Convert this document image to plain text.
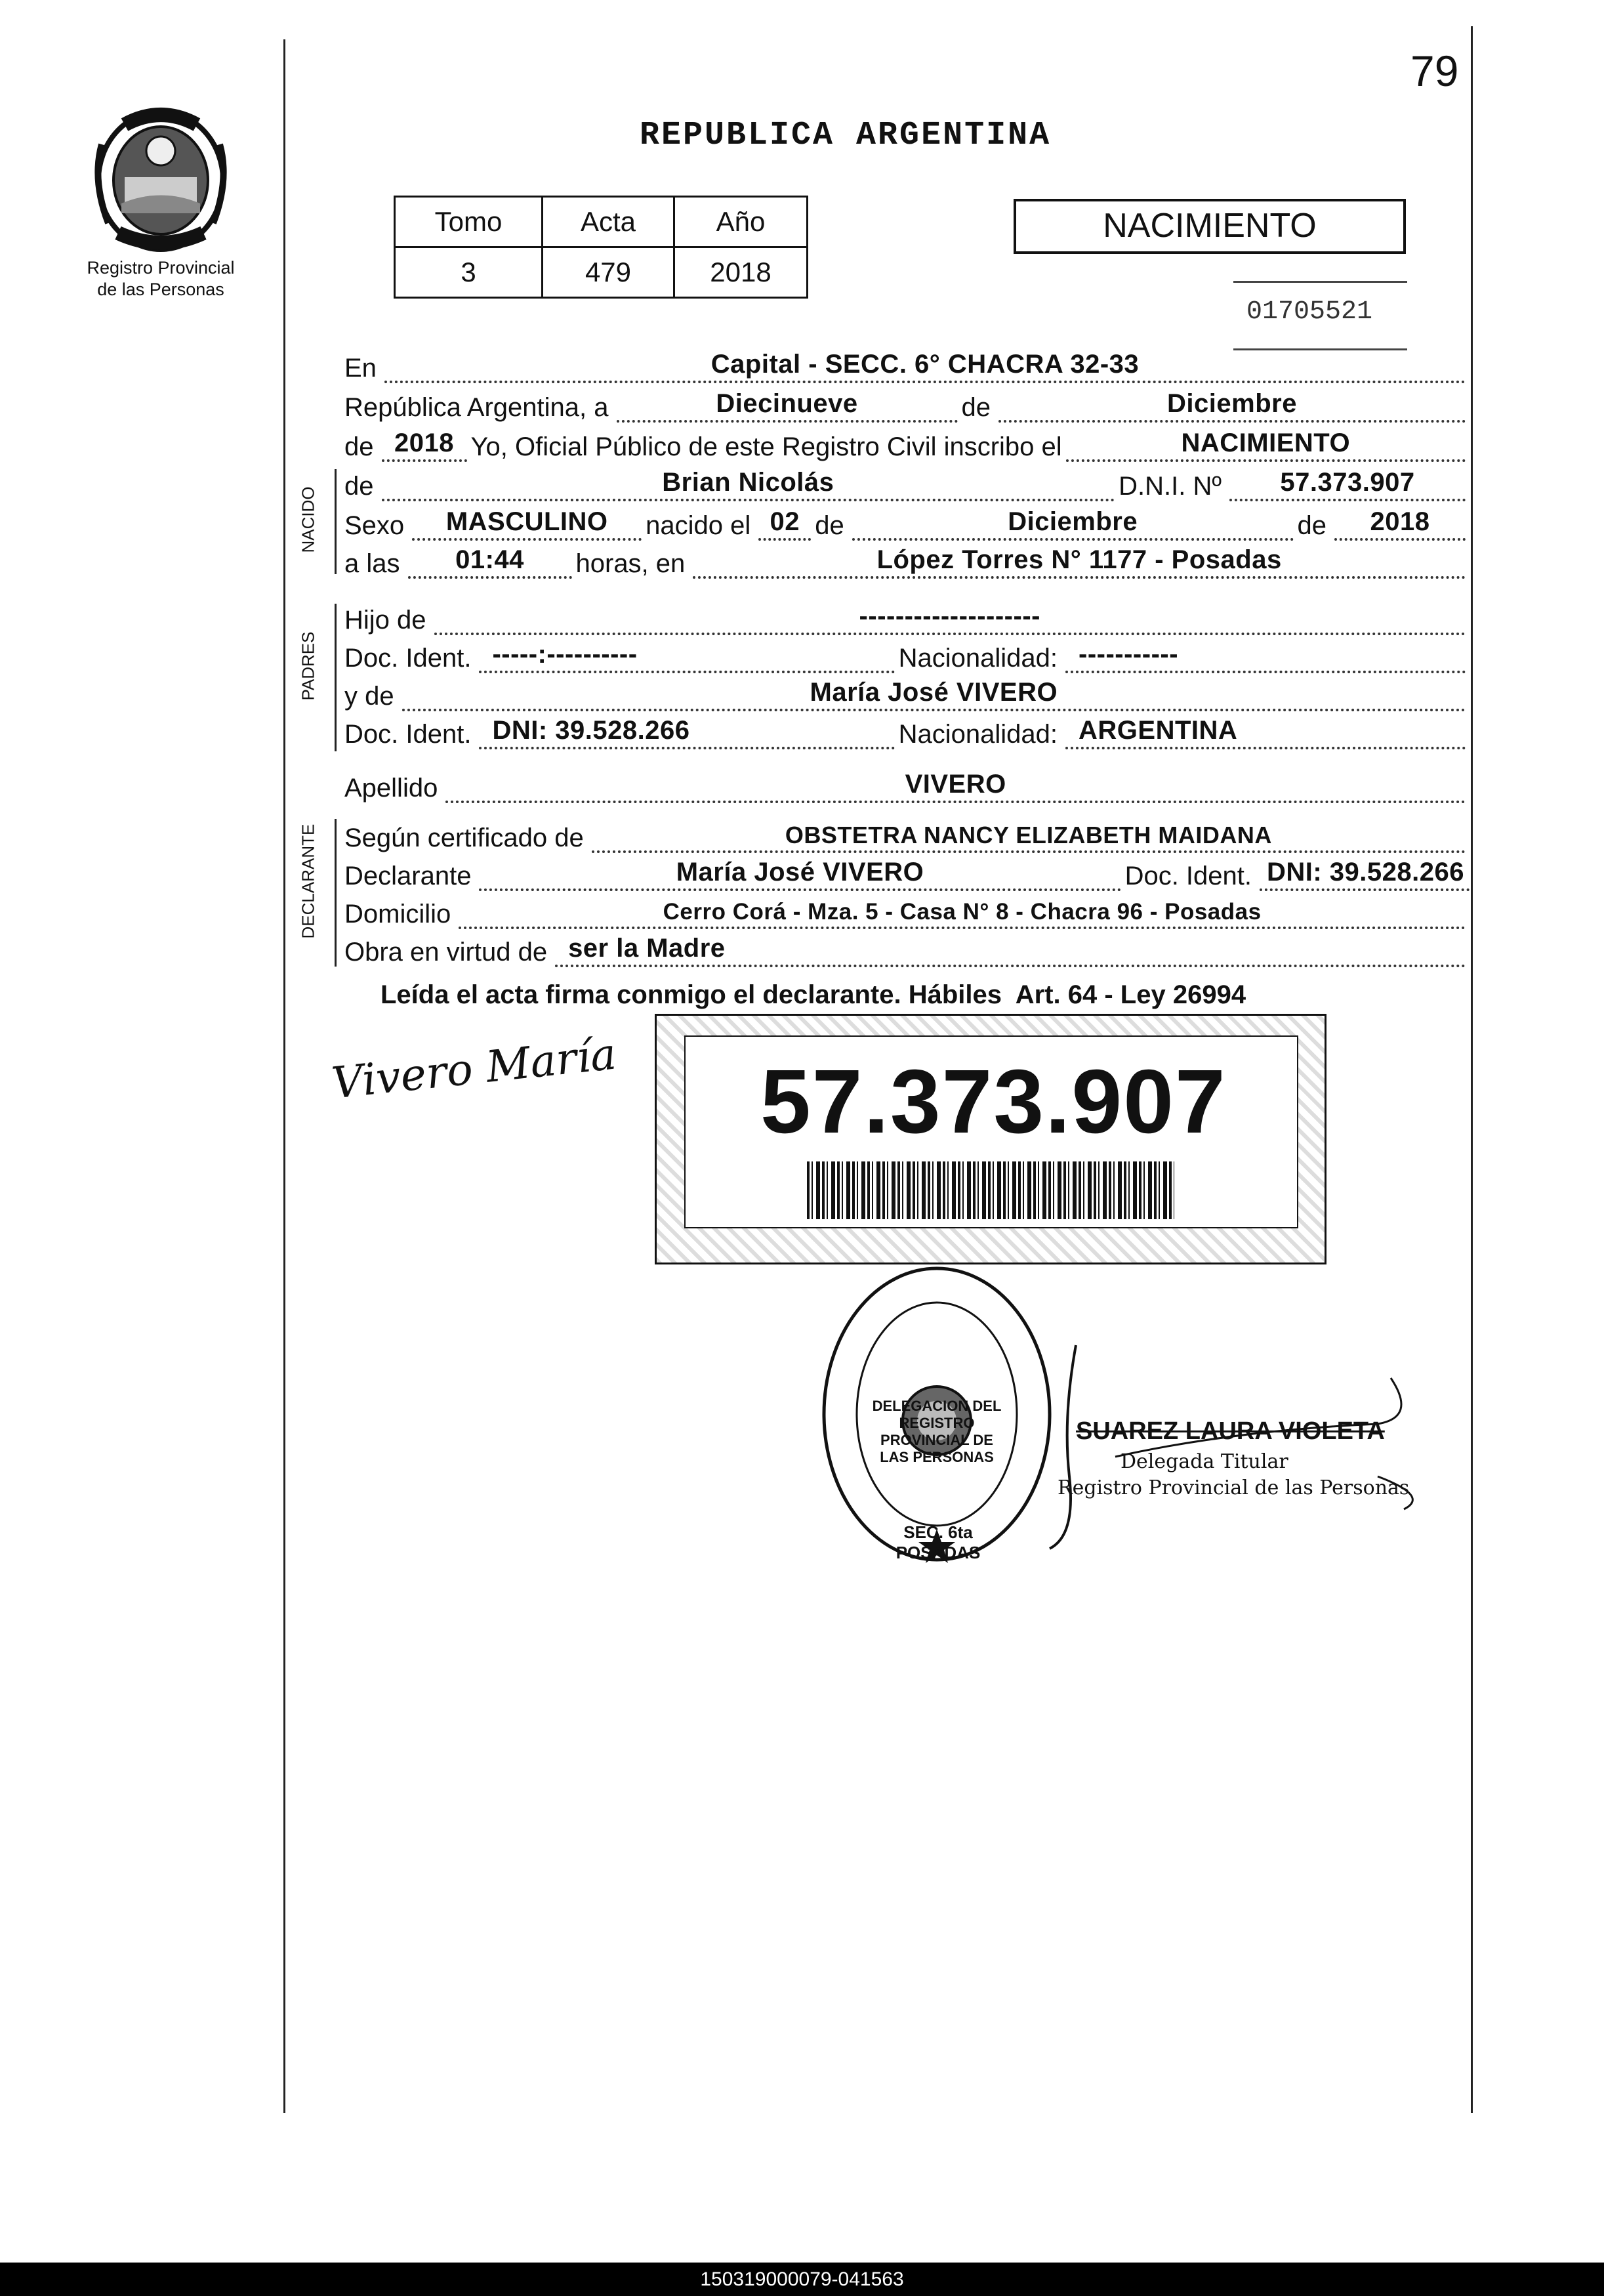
Registro Provincial
de las Personas
79
REPUBLICA ARGENTINA
Tomo	Acta	Año
3	479	2018
NACIMIENTO
01705521
En	Capital - SECC. 6° CHACRA 32-33
República Argentina, a	Diecinueve	de	Diciembre
de 2018 Yo, Oficial Público de este Registro Civil inscribo el	NACIMIENTO
NACIDO
de	Brian Nicolás	D.N.I. Nº	57.373.907
Sexo	MASCULINO	nacido el 02 de	Diciembre	de	2018
a las	01:44	horas, en	López Torres N° 1177 - Posadas
PADRES
Hijo de	--------------------
Doc. Ident. -----:----------	Nacionalidad: -----------
y de	María José VIVERO
Doc. Ident. DNI: 39.528.266	Nacionalidad: ARGENTINA
Apellido	VIVERO
DECLARANTE Según certificado de	OBSTETRA NANCY ELIZABETH MAIDANA
Declarante	María José VIVERO	Doc. Ident. DNI: 39.528.266
Domicilio	Cerro Corá - Mza. 5 - Casa N° 8 - Chacra 96 - Posadas
Obra en virtud de ser la Madre
Leída el acta firma conmigo el declarante. Hábiles  Art. 64 - Ley 26994
Vivero María 57.373.907
DELEGACION DEL REGISTRO PROVINCIAL DE LAS PERSONAS
SEC. 6ta POSADAS
SUAREZ LAURA VIOLETA
Delegada Titular
Registro Provincial de las Personas
150319000079-041563
